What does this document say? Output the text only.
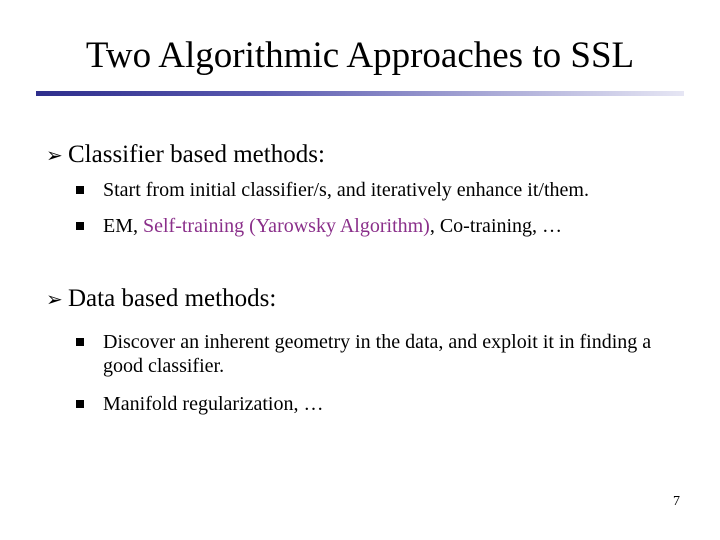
Two Algorithmic Approaches to SSL
➢ Classifier based methods:
Start from initial classifier/s, and iteratively enhance it/them.
EM, Self-training (Yarowsky Algorithm), Co-training, …
➢ Data based methods:
Discover an inherent geometry in the data, and exploit it in finding a good classifier.
Manifold regularization, …
7
